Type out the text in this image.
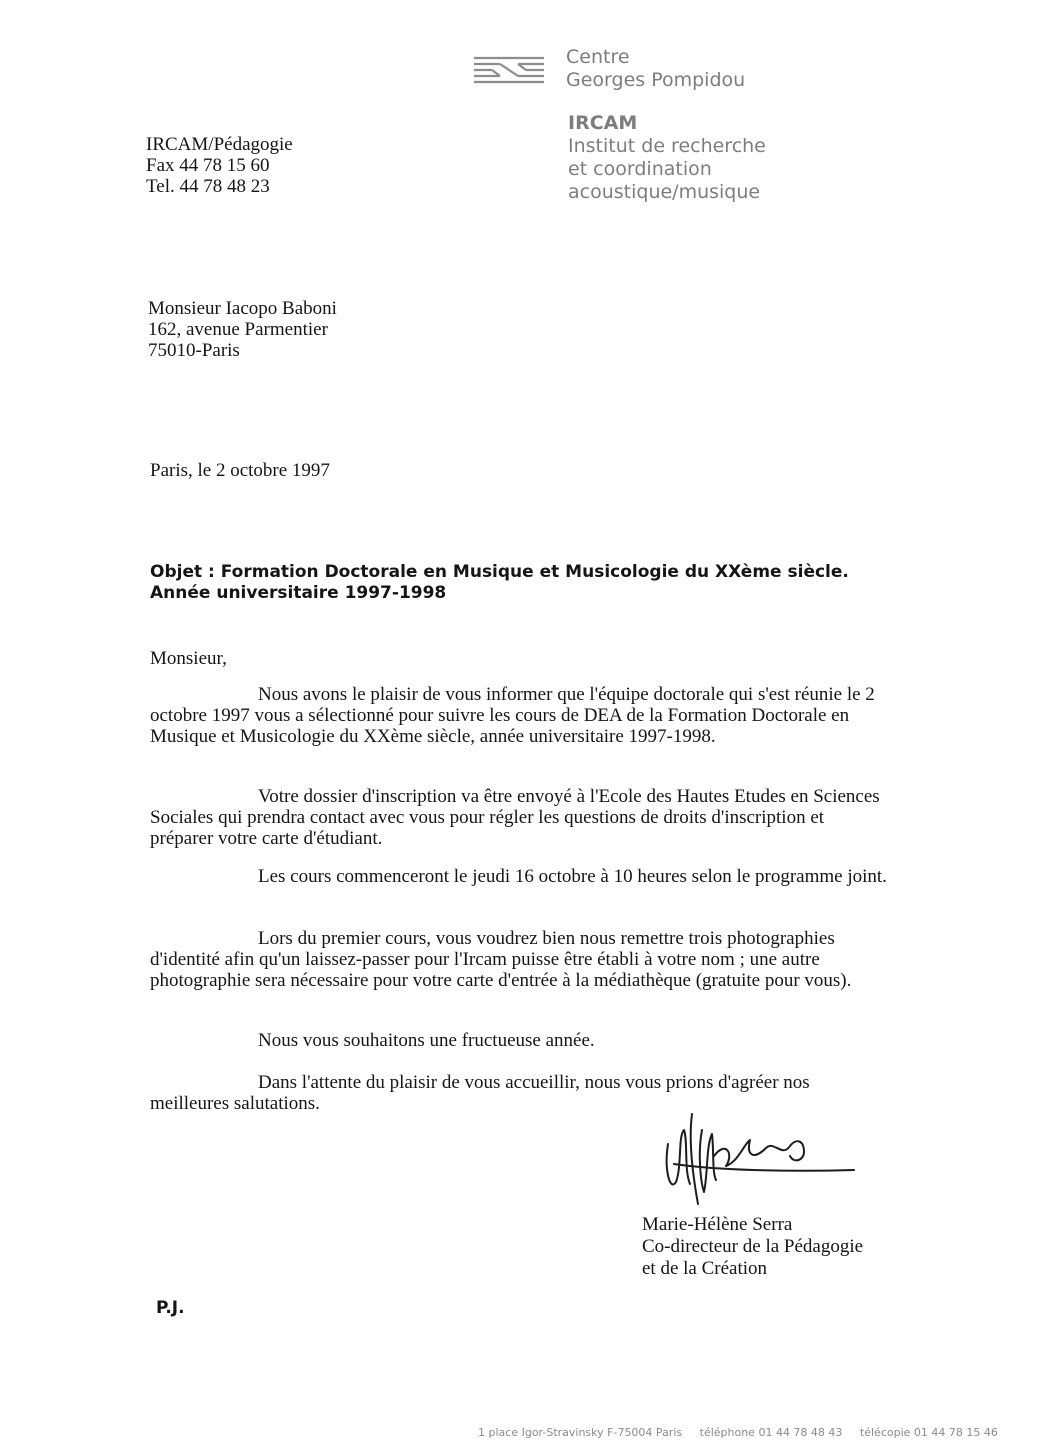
Centre
Georges Pompidou
IRCAM
Institut de recherche
et coordination
acoustique/musique
IRCAM/Pédagogie
Fax 44 78 15 60
Tel. 44 78 48 23
Monsieur Iacopo Baboni
162, avenue Parmentier
75010-Paris
Paris, le 2 octobre 1997
Objet : Formation Doctorale en Musique et Musicologie du XXème siècle.
Année universitaire 1997-1998
Monsieur,
Nous avons le plaisir de vous informer que l'équipe doctorale qui s'est réunie le 2 octobre 1997 vous a sélectionné pour suivre les cours de DEA de la Formation Doctorale en Musique et Musicologie du XXème siècle, année universitaire 1997-1998.
Votre dossier d'inscription va être envoyé à l'Ecole des Hautes Etudes en Sciences Sociales qui prendra contact avec vous pour régler les questions de droits d'inscription et préparer votre carte d'étudiant.
Les cours commenceront le jeudi 16 octobre à 10 heures selon le programme joint.
Lors du premier cours, vous voudrez bien nous remettre trois photographies d'identité afin qu'un laissez-passer pour l'Ircam puisse être établi à votre nom ; une autre photographie sera nécessaire pour votre carte d'entrée à la médiathèque (gratuite pour vous).
Nous vous souhaitons une fructueuse année.
Dans l'attente du plaisir de vous accueillir, nous vous prions d'agréer nos meilleures salutations.
Marie-Hélène Serra
Co-directeur de la Pédagogie
et de la Création
P.J.
1 place Igor-Stravinsky F-75004 Paris téléphone 01 44 78 48 43 télécopie 01 44 78 15 46
